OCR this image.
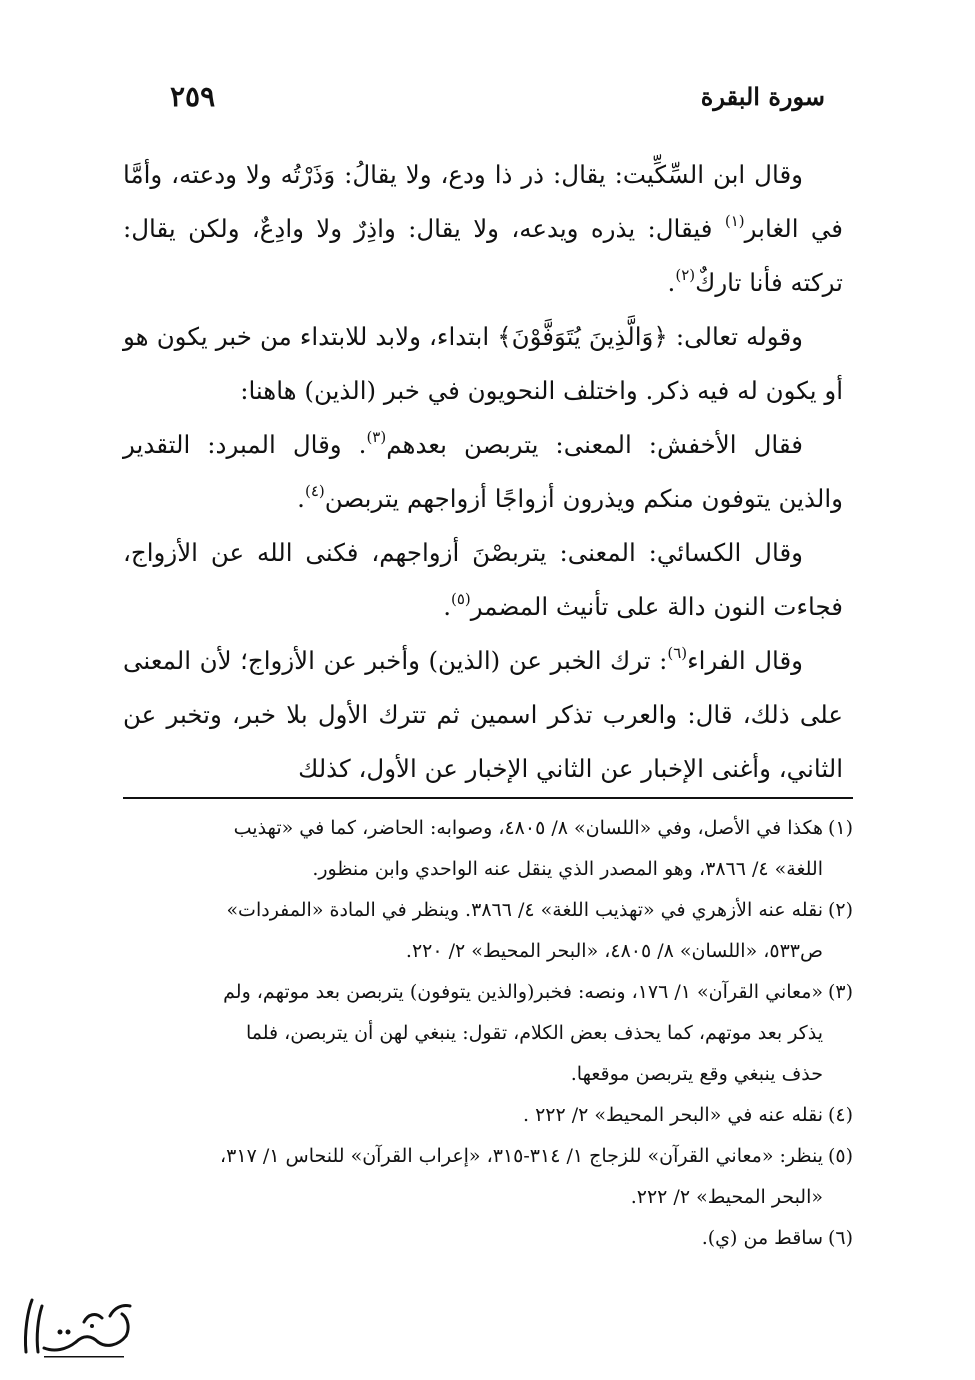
سورة البقرة
٢٥٩

وقال ابن السِّكِّيت: يقال: ذر ذا ودع، ولا يقالُ: وَذَرْتُه ولا ودعته، وأمَّا في الغابر$^{(١)}$ فيقال: يذره ويدعه، ولا يقال: واذِرٌ ولا وادِعٌ، ولكن يقال: تركته فأنا تاركٌ$^{(٢)}$.

وقوله تعالى: ﴿وَالَّذِينَ يُتَوَفَّوْنَ﴾ ابتداء، ولابد للابتداء من خبر يكون هو أو يكون له فيه ذكر. واختلف النحويون في خبر (الذين) هاهنا:

فقال الأخفش: المعنى: يتربصن بعدهم$^{(٣)}$. وقال المبرد: التقدير والذين يتوفون منكم ويذرون أزواجًا أزواجهم يتربصن$^{(٤)}$.

وقال الكسائي: المعنى: يتربصْنَ أزواجهم، فكنى الله عن الأزواج، فجاءت النون دالة على تأنيث المضمر$^{(٥)}$.

وقال الفراء$^{(٦)}$: ترك الخبر عن (الذين) وأخبر عن الأزواج؛ لأن المعنى على ذلك، قال: والعرب تذكر اسمين ثم تترك الأول بلا خبر، وتخبر عن الثاني، وأغنى الإخبار عن الثاني الإخبار عن الأول، كذلك

(١)هكذا في الأصل، وفي «اللسان» ٨/ ٤٨٠٥، وصوابه: الحاضر، كما في «تهذيب
اللغة» ٤/ ٣٨٦٦، وهو المصدر الذي ينقل عنه الواحدي وابن منظور.
(٢)نقله عنه الأزهري في «تهذيب اللغة» ٤/ ٣٨٦٦. وينظر في المادة «المفردات»
ص٥٣٣، «اللسان» ٨/ ٤٨٠٥، «البحر المحيط» ٢/ ٢٢٠.
(٣)«معاني القرآن» ١/ ١٧٦، ونصه: فخبر(والذين يتوفون) يتربصن بعد موتهم، ولم
يذكر بعد موتهم، كما يحذف بعض الكلام، تقول: ينبغي لهن أن يتربصن، فلما
حذف ينبغي وقع يتربصن موقعها.
(٤)نقله عنه في «البحر المحيط» ٢/ ٢٢٢ .
(٥)ينظر: «معاني القرآن» للزجاج ١/ ٣١٤-٣١٥، «إعراب القرآن» للنحاس ١/ ٣١٧،
«البحر المحيط» ٢/ ٢٢٢.
(٦)ساقط من (ي).
